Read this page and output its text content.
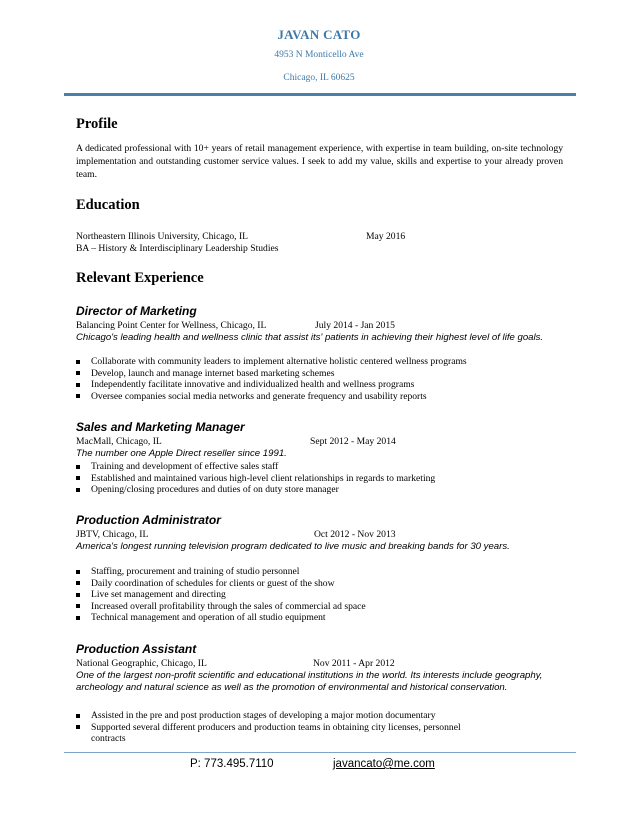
JAVAN CATO
4953 N Monticello Ave
Chicago, IL 60625
Profile
A dedicated professional with 10+ years of retail management experience, with expertise in team building, on-site technology implementation and outstanding customer service values. I seek to add my value, skills and expertise to your already proven team.
Education
Northeastern Illinois University, Chicago, IL	May 2016
BA – History & Interdisciplinary Leadership Studies
Relevant Experience
Director of Marketing
Balancing Point Center for Wellness, Chicago, IL	July 2014 - Jan 2015
Chicago's leading health and wellness clinic that assist its' patients in achieving their highest level of life goals.
Collaborate with community leaders to implement alternative holistic centered wellness programs
Develop, launch and manage internet based marketing schemes
Independently facilitate innovative and individualized health and wellness programs
Oversee companies social media networks and generate frequency and usability reports
Sales and Marketing Manager
MacMall, Chicago, IL	Sept 2012 - May 2014
The number one Apple Direct reseller since 1991.
Training and development of effective sales staff
Established and maintained various high-level client relationships in regards to marketing
Opening/closing procedures and duties of on duty store manager
Production Administrator
JBTV, Chicago, IL	Oct 2012 - Nov 2013
America's longest running television program dedicated to live music and breaking bands for 30 years.
Staffing, procurement and training of studio personnel
Daily coordination of schedules for clients or guest of the show
Live set management and directing
Increased overall profitability through the sales of commercial ad space
Technical management and operation of all studio equipment
Production Assistant
National Geographic, Chicago, IL	Nov 2011 - Apr 2012
One of the largest non-profit scientific and educational institutions in the world. Its interests include geography, archeology and natural science as well as the promotion of environmental and historical conservation.
Assisted in the pre and post production stages of developing a major motion documentary
Supported several different producers and production teams in obtaining city licenses, personnel contracts
P: 773.495.7110	javancato@me.com
